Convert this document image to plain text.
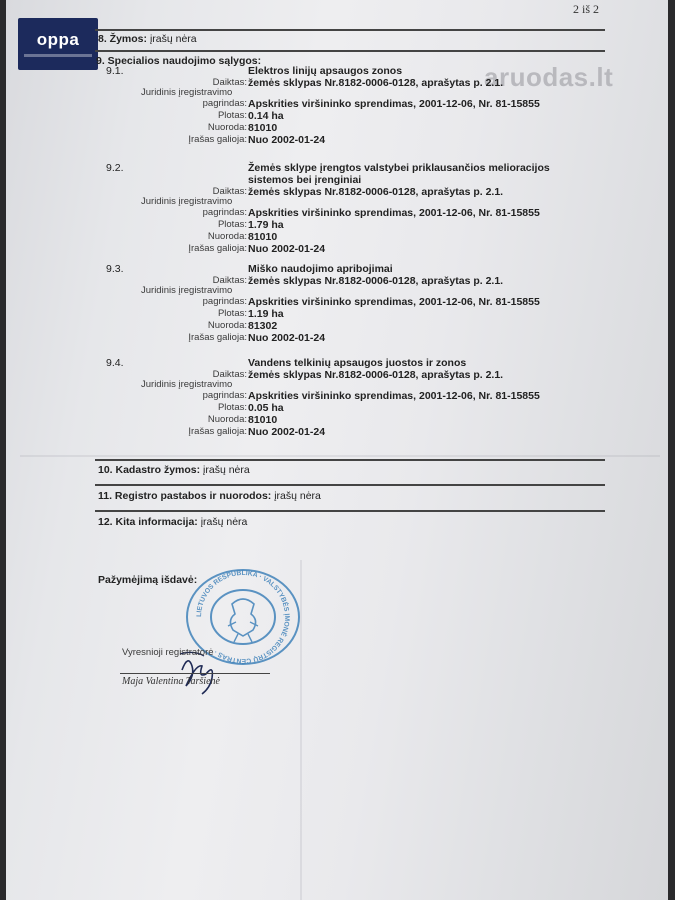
oppa
2 iš 2
aruodas.lt
8. Žymos: įrašų nėra
9. Specialios naudojimo sąlygos:
9.1.	Elektros linijų apsaugos zonos
Daiktas: žemės sklypas Nr.8182-0006-0128, aprašytas p. 2.1.
Juridinis įregistravimo
pagrindas: Apskrities viršininko sprendimas, 2001-12-06, Nr. 81-15855
Plotas: 0.14 ha
Nuoroda: 81010
Įrašas galioja: Nuo 2002-01-24
9.2.	Žemės sklype įrengtos valstybei priklausančios melioracijos
sistemos bei įrenginiai
Daiktas: žemės sklypas Nr.8182-0006-0128, aprašytas p. 2.1.
Juridinis įregistravimo
pagrindas: Apskrities viršininko sprendimas, 2001-12-06, Nr. 81-15855
Plotas: 1.79 ha
Nuoroda: 81010
Įrašas galioja: Nuo 2002-01-24
9.3.	Miško naudojimo apribojimai
Daiktas: žemės sklypas Nr.8182-0006-0128, aprašytas p. 2.1.
Juridinis įregistravimo
pagrindas: Apskrities viršininko sprendimas, 2001-12-06, Nr. 81-15855
Plotas: 1.19 ha
Nuoroda: 81302
Įrašas galioja: Nuo 2002-01-24
9.4.	Vandens telkinių apsaugos juostos ir zonos
Daiktas: žemės sklypas Nr.8182-0006-0128, aprašytas p. 2.1.
Juridinis įregistravimo
pagrindas: Apskrities viršininko sprendimas, 2001-12-06, Nr. 81-15855
Plotas: 0.05 ha
Nuoroda: 81010
Įrašas galioja: Nuo 2002-01-24
10. Kadastro žymos: įrašų nėra
11. Registro pastabos ir nuorodos: įrašų nėra
12. Kita informacija: įrašų nėra
Pažymėjimą išdavė:
LIETUVOS RESPUBLIKA · VALSTYBĖS ĮMONĖ REGISTRŲ CENTRAS ·
Vyresnioji registratorė
Maja Valentina Taršienė
